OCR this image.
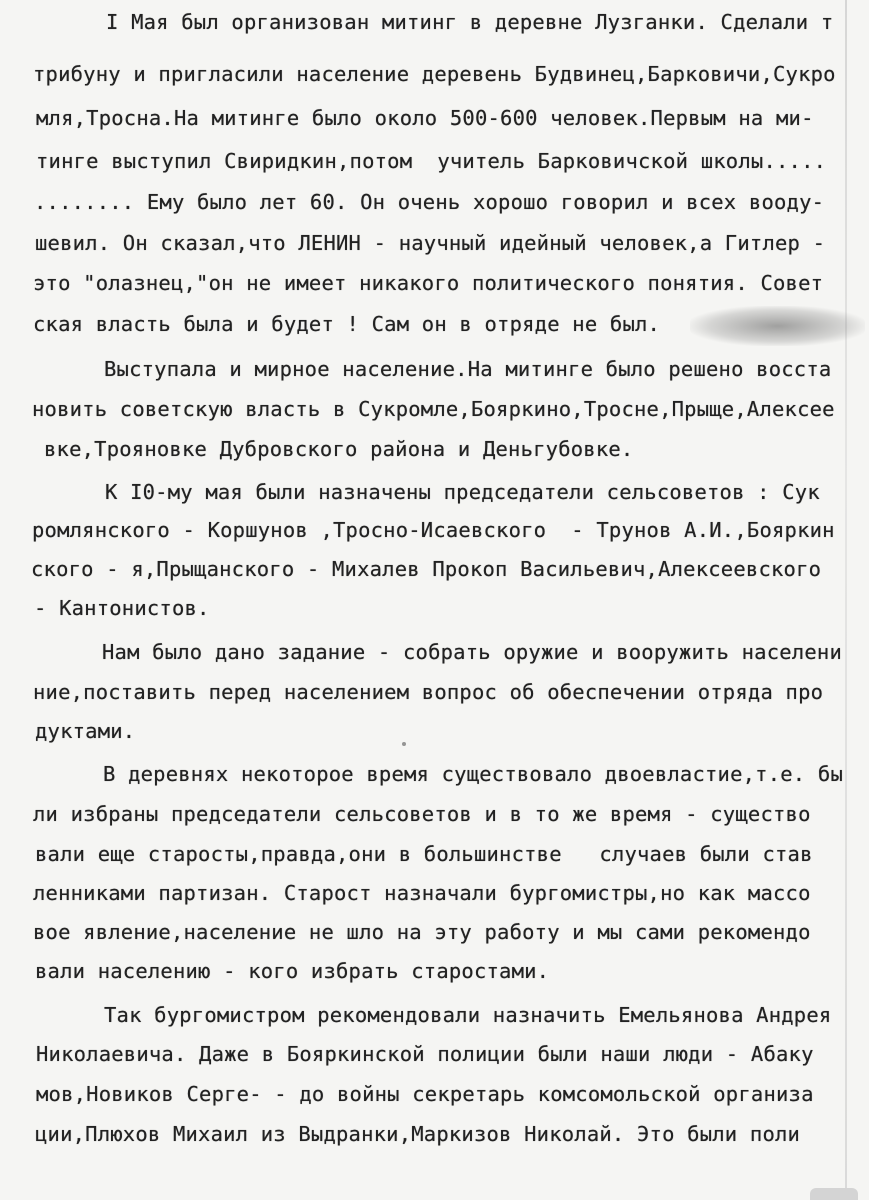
I Мая был организован митинг в деревне Лузганки. Сделали т
трибуну и пригласили население деревень Будвинец,Барковичи,Сукро
мля,Тросна.На митинге было около 500-600 человек.Первым на ми-
тинге выступил Свиридкин,потом  учитель Барковичской школы.....
........ Ему было лет 60. Он очень хорошо говорил и всех вооду-
шевил. Он сказал,что ЛЕНИН - научный идейный человек,а Гитлер -
это "олазнец,"он не имеет никакого политического понятия. Совет
ская власть была и будет ! Сам он в отряде не был.
Выступала и мирное население.На митинге было решено восста
новить советскую власть в Сукромле,Бояркино,Тросне,Прыще,Алексее
вке,Трояновке Дубровского района и Деньгубовке.
К I0-му мая были назначены председатели сельсоветов : Сук
ромлянского - Коршунов ,Тросно-Исаевского  - Трунов А.И.,Бояркин
ского - я,Прыщанского - Михалев Прокоп Васильевич,Алексеевского
- Кантонистов.
Нам было дано задание - собрать оружие и вооружить населени
ние,поставить перед населением вопрос об обеспечении отряда про
дуктами.
В деревнях некоторое время существовало двоевластие,т.е. бы
ли избраны председатели сельсоветов и в то же время - существо
вали еще старосты,правда,они в большинстве   случаев были став
ленниками партизан. Старост назначали бургомистры,но как массо
вое явление,население не шло на эту работу и мы сами рекомендо
вали населению - кого избрать старостами.
Так бургомистром рекомендовали назначить Емельянова Андрея
Николаевича. Даже в Бояркинской полиции были наши люди - Абаку
мов,Новиков Серге- - до войны секретарь комсомольской организа
ции,Плюхов Михаил из Выдранки,Маркизов Николай. Это были поли
